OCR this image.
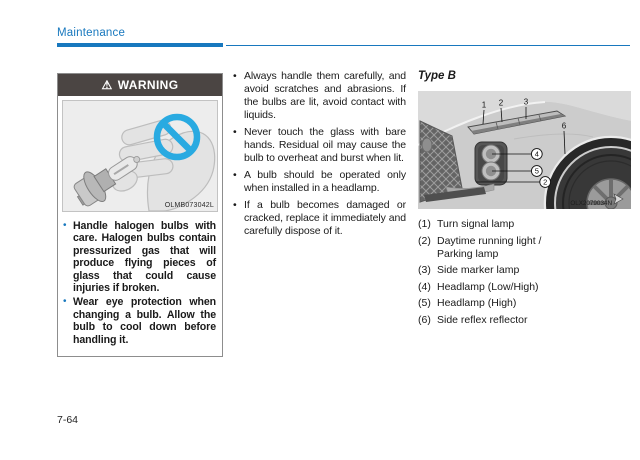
Maintenance
⚠ WARNING
OLMB073042L
• Handle halogen bulbs with care. Halogen bulbs contain pressurized gas that will produce flying pieces of glass that could cause injuries if broken.
• Wear eye protection when changing a bulb. Allow the bulb to cool down before handling it.
• Always handle them carefully, and avoid scratches and abrasions. If the bulbs are lit, avoid contact with liquids.
• Never touch the glass with bare hands. Residual oil may cause the bulb to overheat and burst when lit.
• A bulb should be operated only when installed in a headlamp.
• If a bulb becomes damaged or cracked, replace it immediately and carefully dispose of it.
Type B
1 2	3
6
4
5
2
OLX2079034N
(1) Turn signal lamp
(2) Daytime running light / Parking lamp
(3) Side marker lamp
(4) Headlamp (Low/High)
(5) Headlamp (High)
(6) Side reflex reflector
7-64
